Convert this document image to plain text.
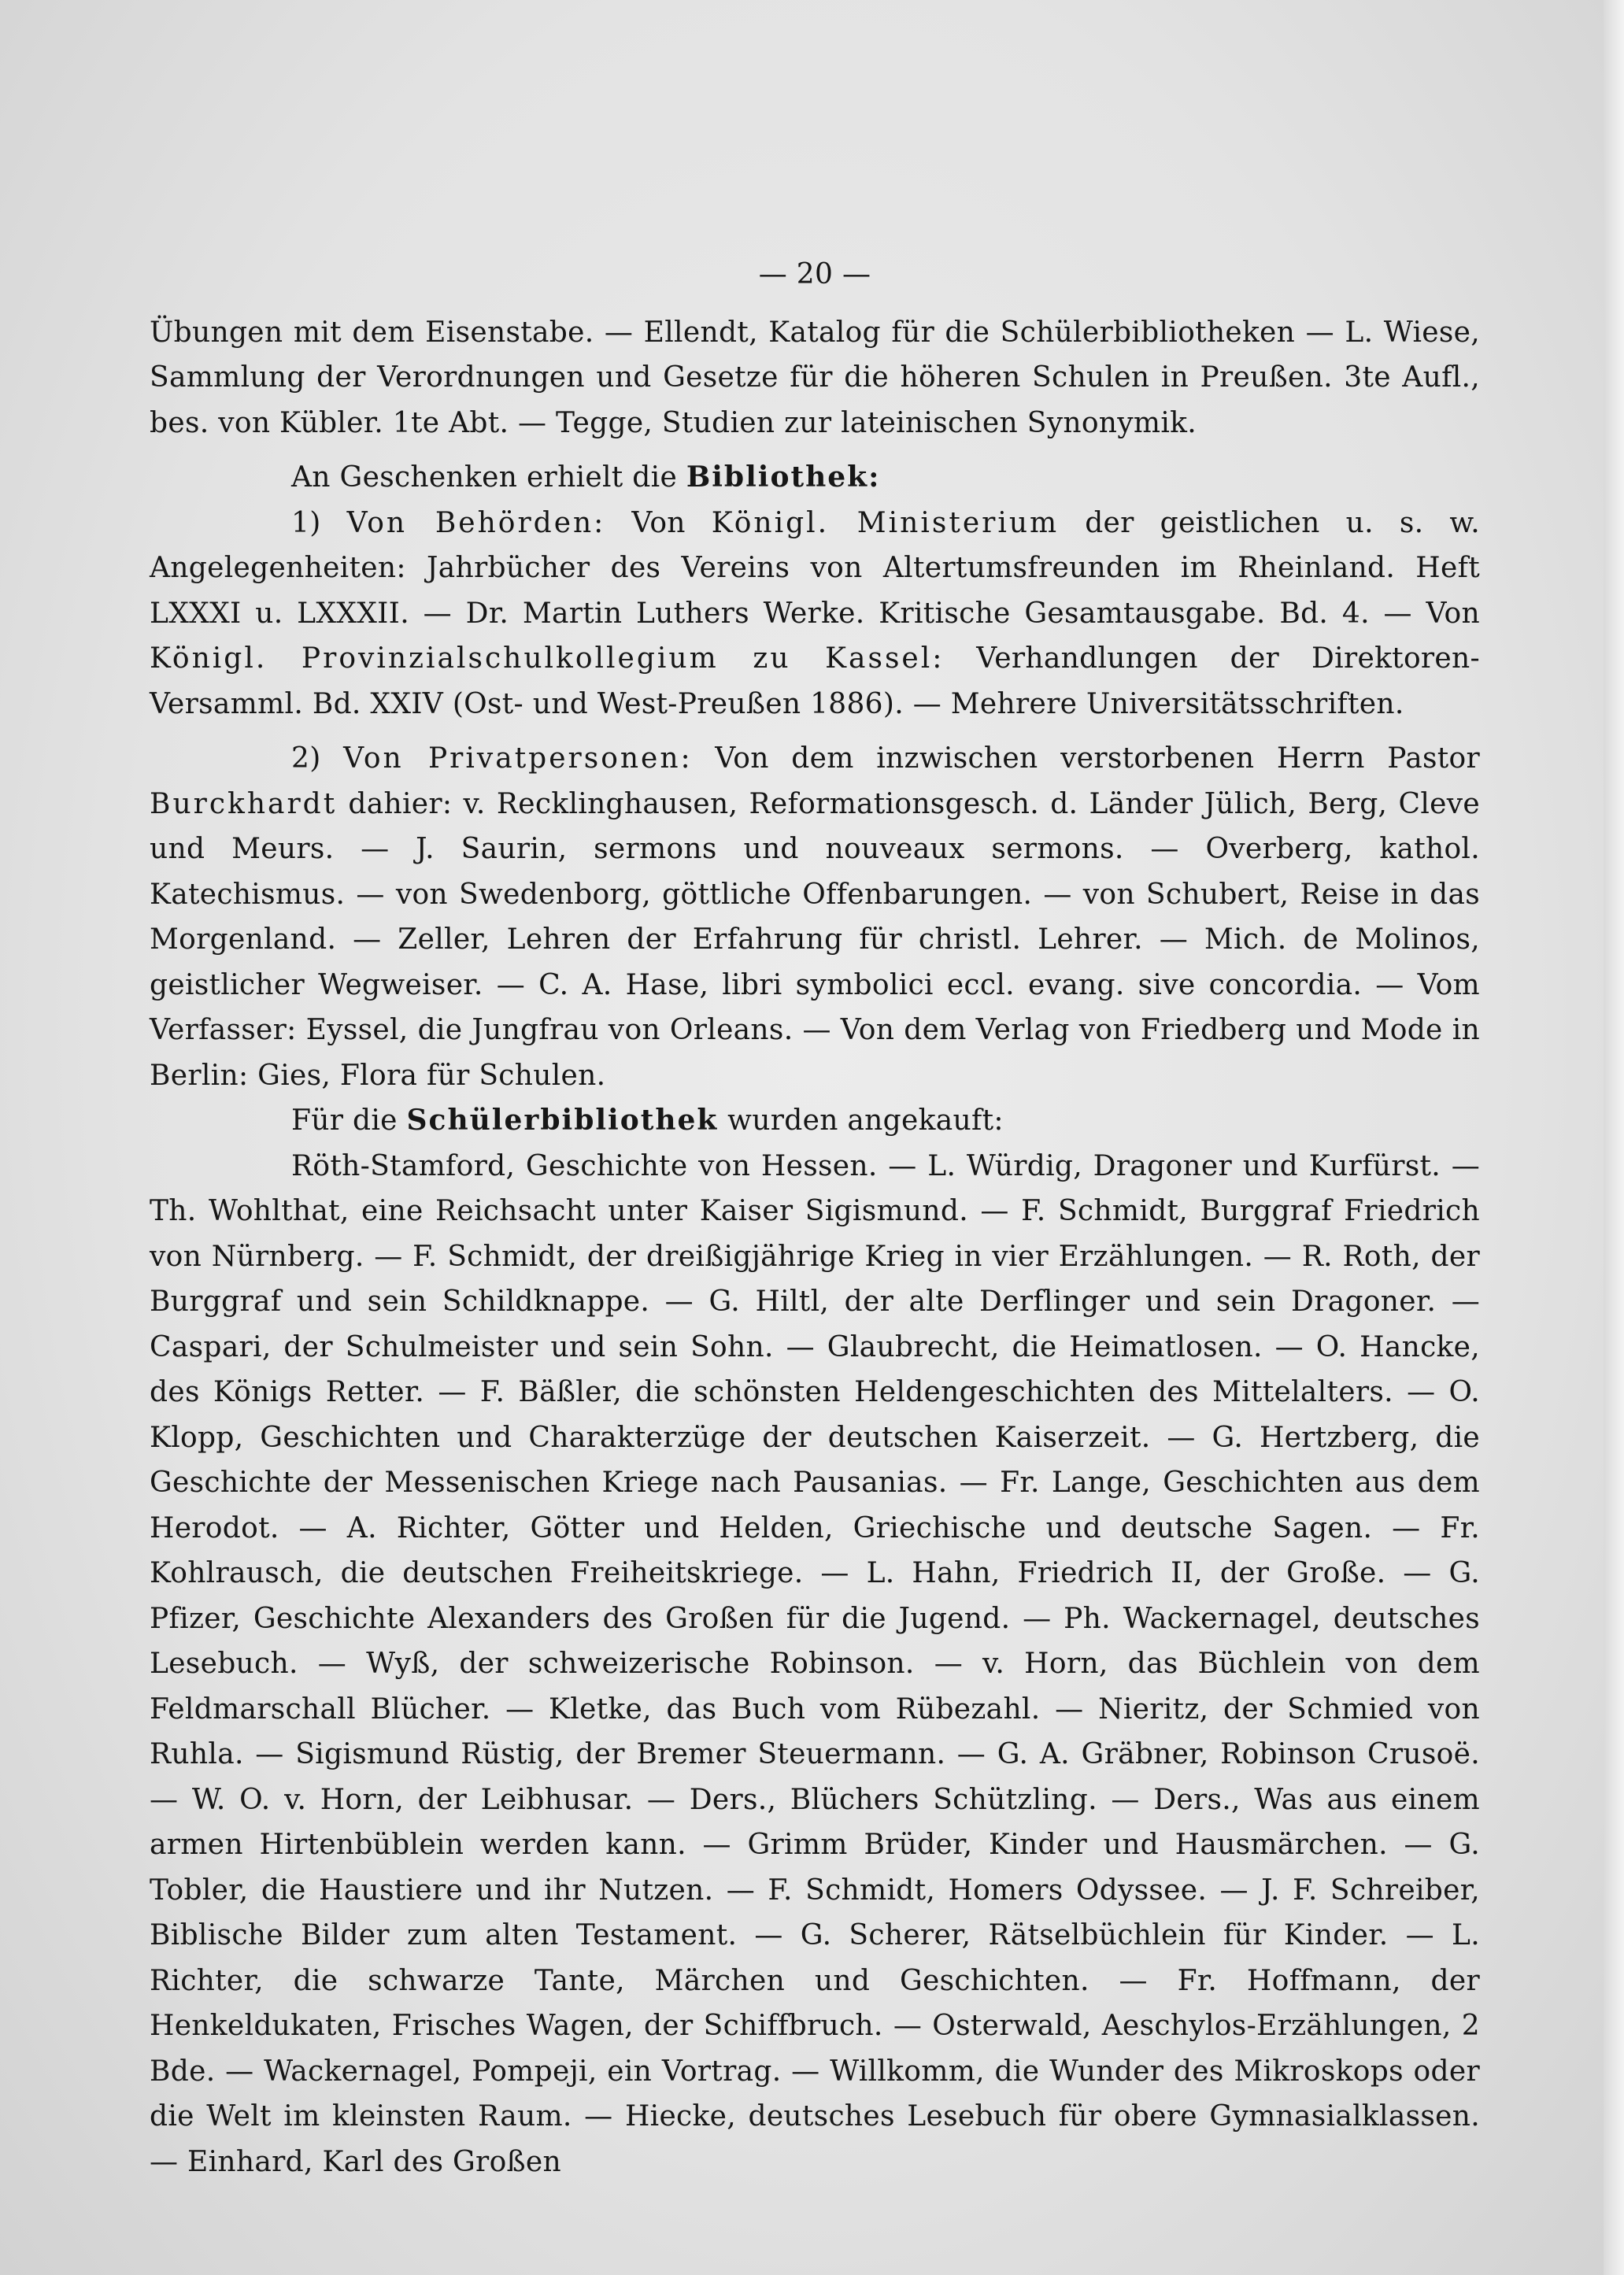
— 20 —

Übungen mit dem Eisenstabe. — Ellendt, Katalog für die Schülerbibliotheken — L. Wiese, Sammlung der Verordnungen und Gesetze für die höheren Schulen in Preußen. 3te Aufl., bes. von Kübler. 1te Abt. — Tegge, Studien zur lateinischen Synonymik.

An Geschenken erhielt die Bibliothek:

1) Von Behörden: Von Königl. Ministerium der geistlichen u. s. w. Angelegenheiten: Jahrbücher des Vereins von Altertumsfreunden im Rheinland. Heft LXXXI u. LXXXII. — Dr. Martin Luthers Werke. Kritische Gesamtausgabe. Bd. 4. — Von Königl. Provinzialschulkollegium zu Kassel: Verhandlungen der Direktoren-Versamml. Bd. XXIV (Ost- und West-Preußen 1886). — Mehrere Universitätsschriften.

2) Von Privatpersonen: Von dem inzwischen verstorbenen Herrn Pastor Burckhardt dahier: v. Recklinghausen, Reformationsgesch. d. Länder Jülich, Berg, Cleve und Meurs. — J. Saurin, sermons und nouveaux sermons. — Overberg, kathol. Katechismus. — von Swedenborg, göttliche Offenbarungen. — von Schubert, Reise in das Morgenland. — Zeller, Lehren der Erfahrung für christl. Lehrer. — Mich. de Molinos, geistlicher Wegweiser. — C. A. Hase, libri symbolici eccl. evang. sive concordia. — Vom Verfasser: Eyssel, die Jungfrau von Orleans. — Von dem Verlag von Friedberg und Mode in Berlin: Gies, Flora für Schulen.

Für die Schülerbibliothek wurden angekauft:

Röth-Stamford, Geschichte von Hessen. — L. Würdig, Dragoner und Kurfürst. — Th. Wohlthat, eine Reichsacht unter Kaiser Sigismund. — F. Schmidt, Burggraf Friedrich von Nürnberg. — F. Schmidt, der dreißigjährige Krieg in vier Erzählungen. — R. Roth, der Burggraf und sein Schildknappe. — G. Hiltl, der alte Derflinger und sein Dragoner. — Caspari, der Schulmeister und sein Sohn. — Glaubrecht, die Heimatlosen. — O. Hancke, des Königs Retter. — F. Bäßler, die schönsten Heldengeschichten des Mittelalters. — O. Klopp, Geschichten und Charakterzüge der deutschen Kaiserzeit. — G. Hertzberg, die Geschichte der Messenischen Kriege nach Pausanias. — Fr. Lange, Geschichten aus dem Herodot. — A. Richter, Götter und Helden, Griechische und deutsche Sagen. — Fr. Kohlrausch, die deutschen Freiheitskriege. — L. Hahn, Friedrich II, der Große. — G. Pfizer, Geschichte Alexanders des Großen für die Jugend. — Ph. Wackernagel, deutsches Lesebuch. — Wyß, der schweizerische Robinson. — v. Horn, das Büchlein von dem Feldmarschall Blücher. — Kletke, das Buch vom Rübezahl. — Nieritz, der Schmied von Ruhla. — Sigismund Rüstig, der Bremer Steuermann. — G. A. Gräbner, Robinson Crusoë. — W. O. v. Horn, der Leibhusar. — Ders., Blüchers Schützling. — Ders., Was aus einem armen Hirtenbüblein werden kann. — Grimm Brüder, Kinder und Hausmärchen. — G. Tobler, die Haustiere und ihr Nutzen. — F. Schmidt, Homers Odyssee. — J. F. Schreiber, Biblische Bilder zum alten Testament. — G. Scherer, Rätselbüchlein für Kinder. — L. Richter, die schwarze Tante, Märchen und Geschichten. — Fr. Hoffmann, der Henkeldukaten, Frisches Wagen, der Schiffbruch. — Osterwald, Aeschylos-Erzählungen, 2 Bde. — Wackernagel, Pompeji, ein Vortrag. — Willkomm, die Wunder des Mikroskops oder die Welt im kleinsten Raum. — Hiecke, deutsches Lesebuch für obere Gymnasialklassen. — Einhard, Karl des Großen
